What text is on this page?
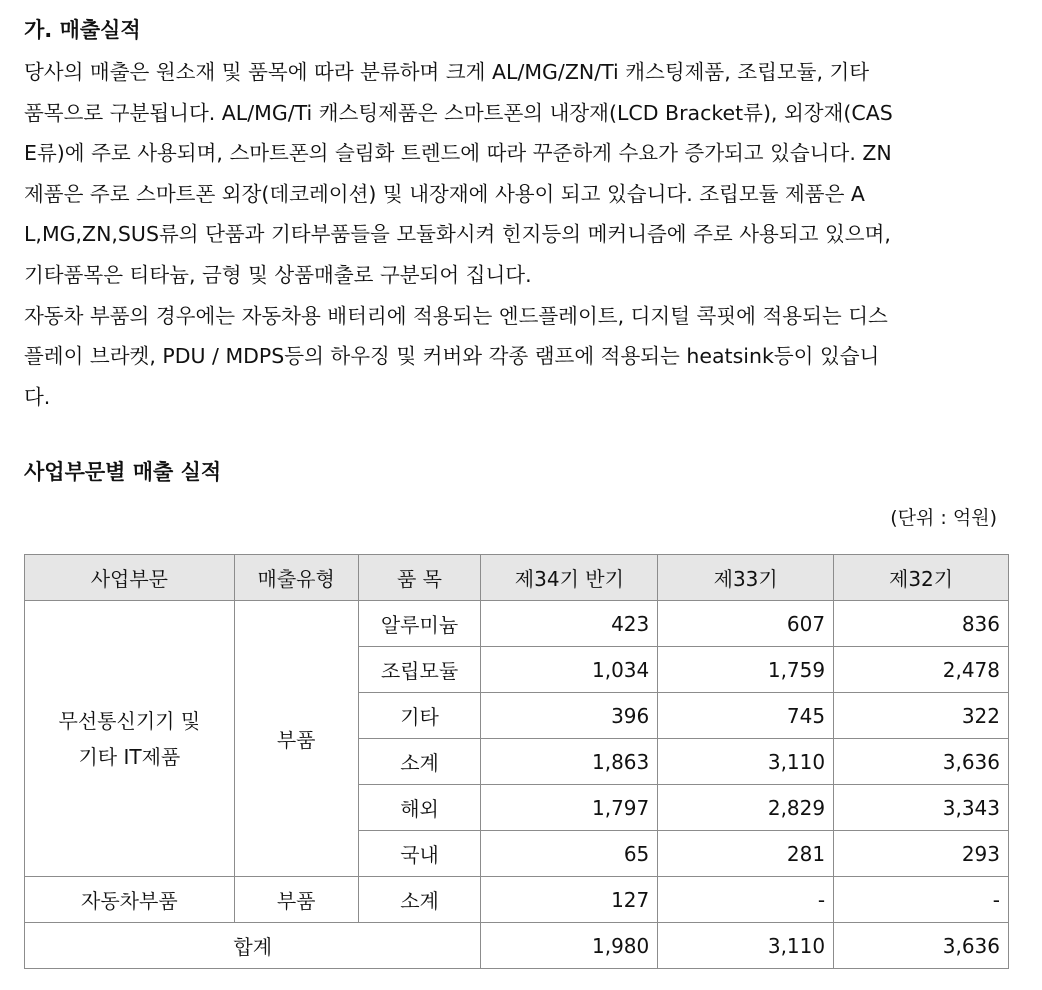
가. 매출실적
당사의 매출은 원소재 및 품목에 따라 분류하며 크게 AL/MG/ZN/Ti 캐스팅제품, 조립모듈, 기타
품목으로 구분됩니다. AL/MG/Ti 캐스팅제품은 스마트폰의 내장재(LCD Bracket류), 외장재(CAS
E류)에 주로 사용되며, 스마트폰의 슬림화 트렌드에 따라 꾸준하게 수요가 증가되고 있습니다. ZN
제품은 주로 스마트폰 외장(데코레이션) 및 내장재에 사용이 되고 있습니다. 조립모듈 제품은 A
L,MG,ZN,SUS류의 단품과 기타부품들을 모듈화시켜 힌지등의 메커니즘에 주로 사용되고 있으며,
기타품목은 티타늄, 금형 및 상품매출로 구분되어 집니다.
자동차 부품의 경우에는 자동차용 배터리에 적용되는 엔드플레이트, 디지털 콕핏에 적용되는 디스
플레이 브라켓, PDU / MDPS등의 하우징 및 커버와 각종 램프에 적용되는 heatsink등이 있습니
다.
사업부문별 매출 실적
(단위 : 억원)
사업부문	매출유형	품 목	제34기 반기	제33기	제32기

무선통신기기 및
기타 IT제품	부품	알루미늄	423	607	836
		조립모듈	1,034	1,759	2,478
		기타	396	745	322
		소계	1,863	3,110	3,636
		해외	1,797	2,829	3,343
		국내	65	281	293
자동차부품	부품	소계	127	-	-
합계			1,980	3,110	3,636
